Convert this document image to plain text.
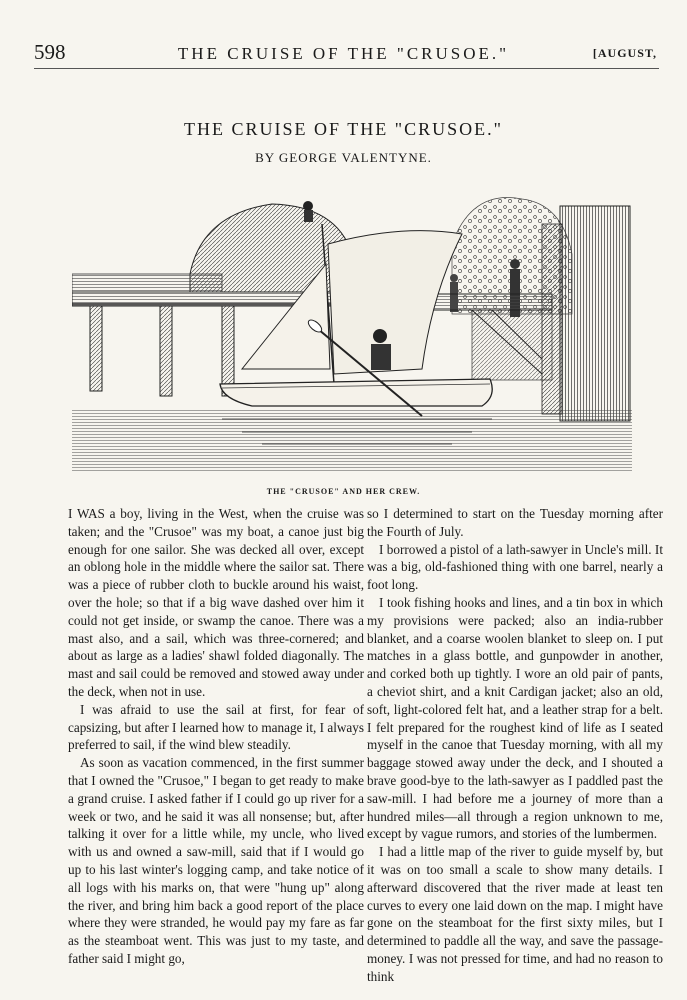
598	THE CRUISE OF THE "CRUSOE."	[AUGUST,
THE CRUISE OF THE "CRUSOE."
BY GEORGE VALENTYNE.
THE "CRUSOE" AND HER CREW.

I WAS a boy, living in the West, when the cruise was taken; and the "Crusoe" was my boat, a canoe just big enough for one sailor. She was decked all over, except an oblong hole in the middle where the sailor sat. There was a piece of rubber cloth to buckle around his waist, over the hole; so that if a big wave dashed over him it could not get inside, or swamp the canoe. There was a mast also, and a sail, which was three-cornered; and about as large as a ladies' shawl folded diagonally. The mast and sail could be removed and stowed away under the deck, when not in use.

I was afraid to use the sail at first, for fear of capsizing, but after I learned how to manage it, I always preferred to sail, if the wind blew steadily.

As soon as vacation commenced, in the first summer that I owned the "Crusoe," I began to get ready to make a grand cruise. I asked father if I could go up river for a week or two, and he said it was all nonsense; but, after talking it over for a little while, my uncle, who lived with us and owned a saw-mill, said that if I would go up to his last winter's logging camp, and take notice of all logs with his marks on, that were "hung up" along the river, and bring him back a good report of the place where they were stranded, he would pay my fare as far as the steamboat went. This was just to my taste, and father said I might go,

so I determined to start on the Tuesday morning after the Fourth of July.

I borrowed a pistol of a lath-sawyer in Uncle's mill. It was a big, old-fashioned thing with one barrel, nearly a foot long.

I took fishing hooks and lines, and a tin box in which my provisions were packed; also an india-rubber blanket, and a coarse woolen blanket to sleep on. I put matches in a glass bottle, and gunpowder in another, and corked both up tightly. I wore an old pair of pants, a cheviot shirt, and a knit Cardigan jacket; also an old, soft, light-colored felt hat, and a leather strap for a belt. I felt prepared for the roughest kind of life as I seated myself in the canoe that Tuesday morning, with all my baggage stowed away under the deck, and I shouted a brave good-bye to the lath-sawyer as I paddled past the saw-mill. I had before me a journey of more than a hundred miles—all through a region unknown to me, except by vague rumors, and stories of the lumbermen.

I had a little map of the river to guide myself by, but it was on too small a scale to show many details. I afterward discovered that the river made at least ten curves to every one laid down on the map. I might have gone on the steamboat for the first sixty miles, but I determined to paddle all the way, and save the passage-money. I was not pressed for time, and had no reason to think
